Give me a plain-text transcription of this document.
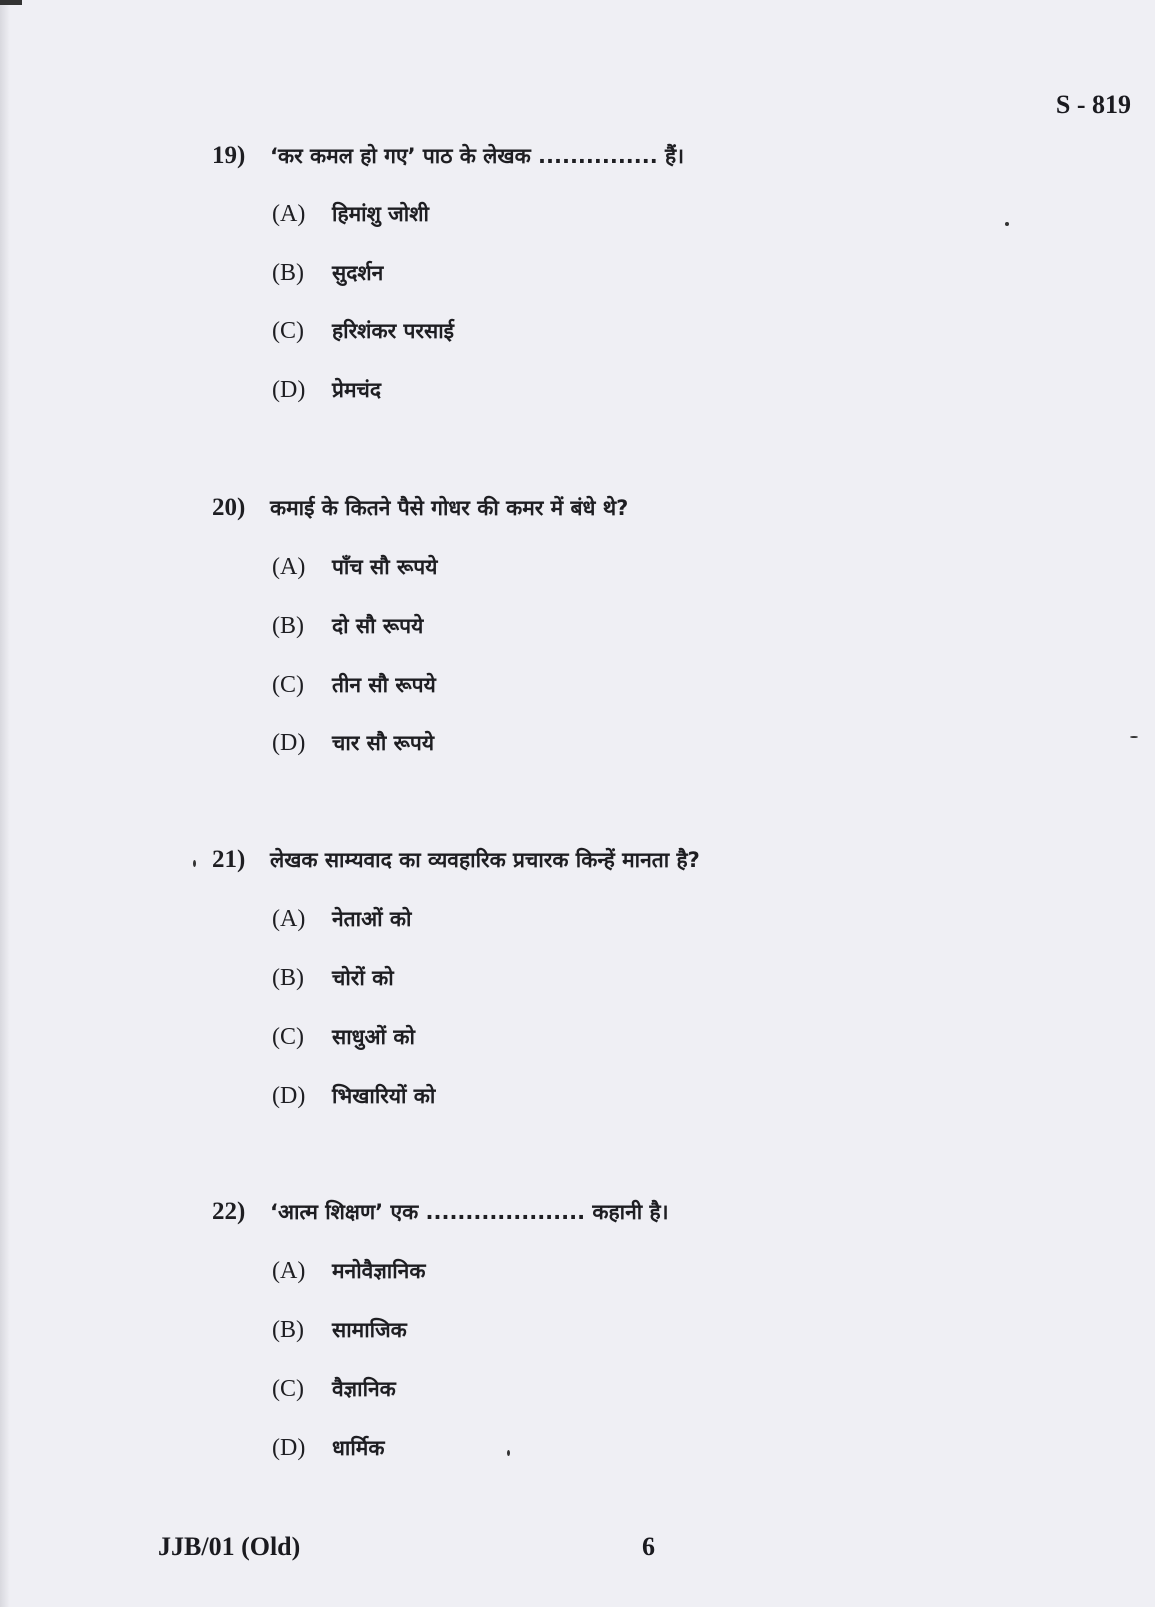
S - 819
19)	‘कर कमल हो गए’ पाठ के लेखक ............... हैं।
(A)	हिमांशु जोशी
(B)	सुदर्शन
(C)	हरिशंकर परसाई
(D)	प्रेमचंद
20)	कमाई के कितने पैसे गोधर की कमर में बंधे थे?
(A)	पाँच सौ रूपये
(B)	दो सौ रूपये
(C)	तीन सौ रूपये
(D)	चार सौ रूपये
21)	लेखक साम्यवाद का व्यवहारिक प्रचारक किन्हें मानता है?
(A)	नेताओं को
(B)	चोरों को
(C)	साधुओं को
(D)	भिखारियों को
22)	‘आत्म शिक्षण’ एक .................... कहानी है।
(A)	मनोवैज्ञानिक
(B)	सामाजिक
(C)	वैज्ञानिक
(D)	धार्मिक
JJB/01 (Old)	6
